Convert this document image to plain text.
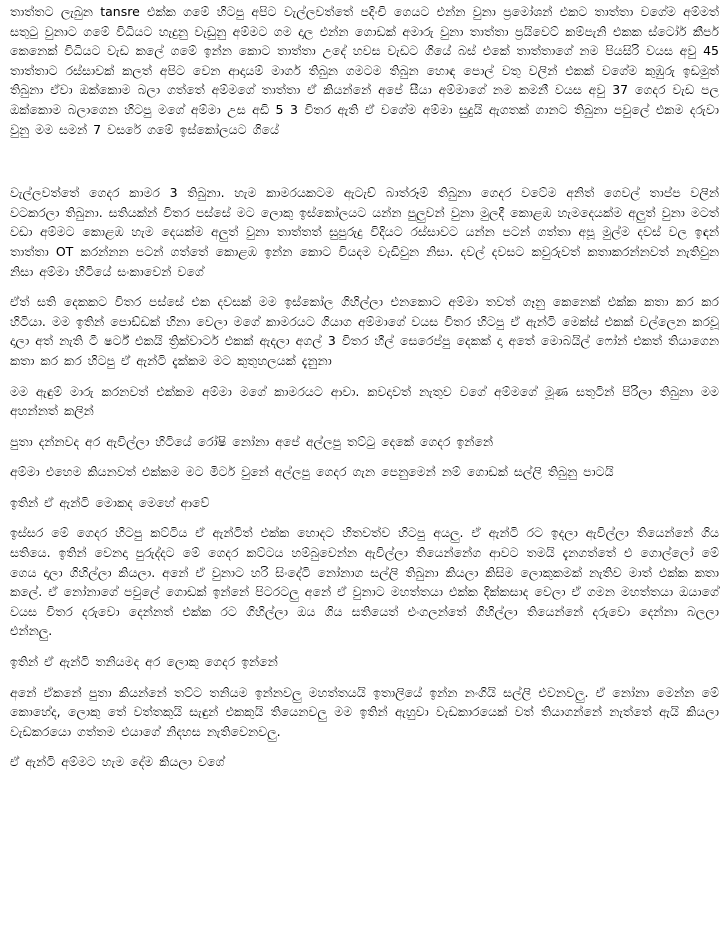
තාත්තට ලැබුන tansre එක්ක ගමේ හිටපු අපිට වැල්ලවත්තේ පදිංචි ගෙයට එන්න වුනා ප්‍රමෝශන් එකට තාත්තා වගේම අම්මත් සතුටු වුනාට ගමේ විධියට හැදුනු වැඩුනු අම්මට ගම දාල එන්න ගොඩක් අමාරු වුනා තාත්තා ප්‍රයිවෙට් කම්පැනි එකක ස්ටෝර් කීපර් කෙනෙක් විධියට වැඩ කලේ ගමේ ඉන්න කොට තාත්තා උදේ හවස වැඩට ගියේ බස් එකේ තාත්තාගේ නම පියසිරි වයස අවු 45 තාත්තාට රස්සාවක් කලත් අපිට වෙන ආදායම් මාර්ග තිබුන ගමටම තිබුන හොඳ පොල් වතු වලින් එකක් වගේම කුඹුරු ඉඩමුත් තිබුනා ඒවා ඔක්කොම බලා ගත්තේ අම්මගේ තාත්තා ඒ කියන්නේ අපේ සීයා අම්මාගේ නම කමනී වයස අවු 37 ගෙදර වැඩ පල ඔක්කොම බලාගෙන හිටපු මගේ අම්මා උස අඩි 5 3 විතර ඇති ඒ වගේම අම්මා සුදුයි ඇගතක් ගානට තිබුනා පවුලේ එකම දරුවා වුනු මම සමන් 7 වසරේ ගමේ ඉස්කෝලයට ගියේ

වැල්ලවත්තේ ගෙදර කාමර 3 තිබුනා. හැම කාමරයකටම ඇටැච් බාත්රූම් තිබුනා ගෙදර වටේම අනිත් ගෙවල් තාප්ප වලින් වටකරලා තිබුනා. සතියක්න් විතර පස්සේ මට ලොකු ඉස්කෝලයට යන්න පුලුවන් වුනා මුලදී කොළඹ හැමදෙයක්ම අලුත් වුනා මටත් වඩා අම්මට කොළඹ හැම දෙයක්ම අලුත් වුනා තාත්තත් සුපුරුදු විදියට රස්සාවට යන්න පටන් ගත්තා අපූ මුල්ම දවස් වල ඉඳන් තාත්තා OT කරන්නන පටන් ගත්තේ කොළඹ ඉන්න කොට වියදම වැඩිවුන නිසා. දවල් දවසට කවුරුවත් කතාකරන්නවත් නැතිවුන නිසා අම්මා හිටියේ සංකාවෙන් වගේ

ඒත් සති දෙකකට විතර පස්සේ එක දවසක් මම ඉස්කෝල ගිහිල්ලා එනකොට අම්මා තවත් ගෑනු කෙනෙක් එක්ක කතා කර කර හිටියා. මම ඉතින් පොඩ්ඩක් හිනා වෙලා මගේ කාමරයට ගියාග අම්මාගේ වයස විතර හිටපු ඒ ඇන්ටි මෙක්ස් එකක් වල්ලෙන කරවූ දාලා අත් නැති ටී ෂර්ට් එකයි ත්‍රික්වාටර් එකක් ඇදලා අගල් 3 විතර හීල් සෙරෙප්පු දෙකක් දා අතේ මොබයිල් ෆෝන් එකත් තියාගෙන කතා කර කර හිටපු ඒ ඇන්ටි දැක්කම මට කුතුහලයක් දැනුනා

මම ඇඳුම් මාරු කරනවත් එක්කම අම්මා මගේ කාමරයට ආවා. කවදාවත් නැතුව වගේ අම්මගේ මූණ සතුටින් පිරිලා තිබුනා මම අහන්නත් කලින්

පුතා දන්නවද අර ඇවිල්ලා හිටියේ රෝෂි නෝනා අපේ අල්ලපු තට්ටු දෙකේ ගෙදර ඉන්නේ

අම්මා එහෙම කියනවත් එක්කම මට මිටර් වුනේ අල්ලපු ගෙදර ගැන පෙනුමෙන් නම් ගොඩක් සල්ලි තිබුනු පාටයි

ඉතින් ඒ ඇන්ටි මොකද මෙහේ ආවේ

ඉස්සර මේ ගෙදර හිටපු කට්ටිය ඒ ඇන්ටිත් එක්ක හොදට හිතවත්ව හිටපු අයලු. ඒ ඇන්ටි රට ඉදලා ඇවිල්ලා තියෙන්නේ ගිය සතියෙ. ඉතින් වෙනදා පුරුද්දට මේ ගෙදර කට්ටය හම්බුවෙන්න ඇවිල්ලා තියෙන්නේග ආවට තමයි දැනගත්තේ එ ගොල්ලෝ මේ ගෙය දාලා ගිහිල්ලා කියලා. අනේ ඒ වුනාට හරි සිංදේටි නෝනාග සල්ලි තිබුනා කියලා කිසිම ලොකුකමක් නැතිව මාත් එක්ක කතා කලේ. ඒ නෝනාගේ පවුලේ ගොඩක් ඉන්නේ පිටරටලු අනේ ඒ වුනාට මහත්තයා එක්ක දික්කසාද වෙලා ඒ ගමන මහත්තයා ඔයාගේ වයස විතර දරුවො දෙන්නත් එක්ක රට ගිහිල්ලා ඔය ගිය සතියෙත් එංගලන්තේ ගිහිල්ලා තියෙන්නේ දරුවො දෙන්නා බලලා එන්නලු.

ඉතින් ඒ ඇන්ටි තනියමද අර ලොකු ගෙදර ඉන්නේ

අනේ ඒකනේ පුතා කියන්නේ තට්ට තනියම ඉන්නවලු මහත්තයයි ඉතාලියේ ඉන්න නංගියි සල්ලි එවනවලු. ඒ නෝනා මෙන්න මේ කොහේද, ලොකු තේ වත්තකුයි සැඳුන් එකකුයි තියෙනවලු මම ඉතින් ඇහුවා වැඩකාරයෙක් වත් තියාගන්නේ නැත්තේ ඇයි කියලා වැඩකරයො ගත්තම එයාගේ නිදහස නැතිවෙනවලු.

ඒ ඇන්ටි අම්මට හැම දේම කියලා වගේ
